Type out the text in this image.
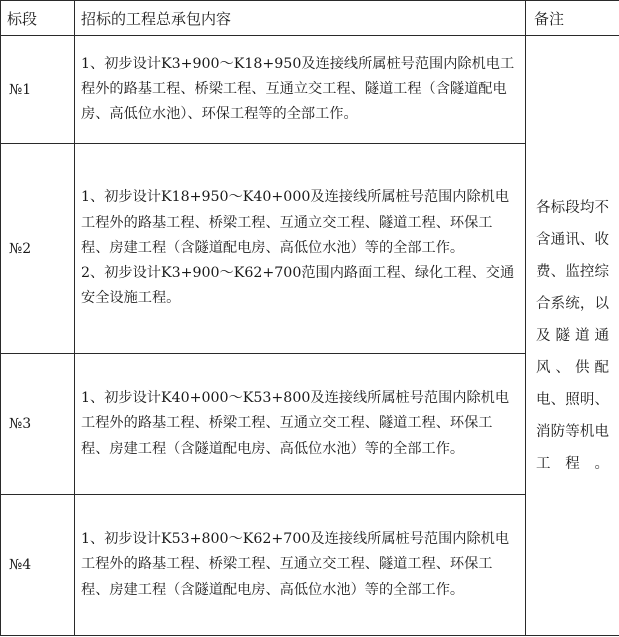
标段	招标的工程总承包内容	备注
№1	1、初步设计K3+900～K18+950及连接线所属桩号范围内除机电工程外的路基工程、桥梁工程、互通立交工程、隧道工程（含隧道配电房、高低位水池）、环保工程等的全部工作。	各标段均不含通讯、收费、监控综合系统，以及隧道通风、供配电、照明、消防等机电工程。

№2	1、初步设计K18+950～K40+000及连接线所属桩号范围内除机电工程外的路基工程、桥梁工程、互通立交工程、隧道工程、环保工程、房建工程（含隧道配电房、高低位水池）等的全部工作。

2、初步设计K3+900～K62+700范围内路面工程、绿化工程、交通安全设施工程。	

№3	1、初步设计K40+000～K53+800及连接线所属桩号范围内除机电工程外的路基工程、桥梁工程、互通立交工程、隧道工程、环保工程、房建工程（含隧道配电房、高低位水池）等的全部工作。	

№4	1、初步设计K53+800～K62+700及连接线所属桩号范围内除机电工程外的路基工程、桥梁工程、互通立交工程、隧道工程、环保工程、房建工程（含隧道配电房、高低位水池）等的全部工作。	
